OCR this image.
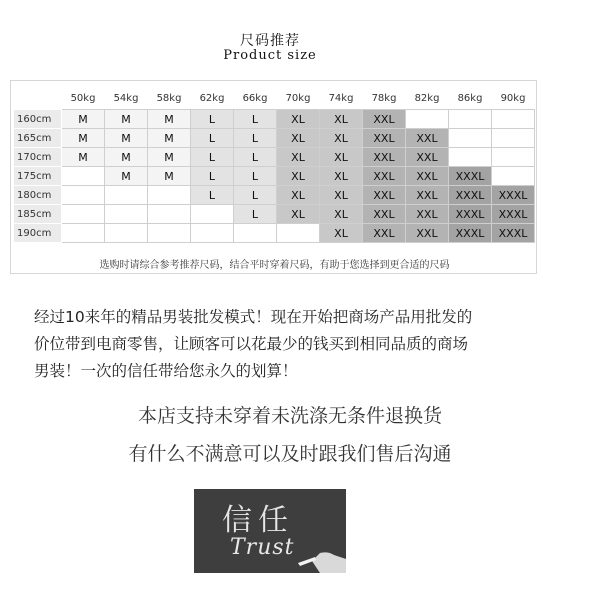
尺码推荐
Product size
	50kg	54kg	58kg	62kg	66kg	70kg	74kg	78kg	82kg	86kg	90kg
160cm	M	M	M	L	L	XL	XL	XXL			
165cm	M	M	M	L	L	XL	XL	XXL	XXL		
170cm	M	M	M	L	L	XL	XL	XXL	XXL		
175cm		M	M	L	L	XL	XL	XXL	XXL	XXXL	
180cm				L	L	XL	XL	XXL	XXL	XXXL	XXXL
185cm					L	XL	XL	XXL	XXL	XXXL	XXXL
190cm							XL	XXL	XXL	XXXL	XXXL
选购时请综合参考推荐尺码，结合平时穿着尺码，有助于您选择到更合适的尺码
经过10来年的精品男装批发模式！现在开始把商场产品用批发的
价位带到电商零售，让顾客可以花最少的钱买到相同品质的商场
男装！一次的信任带给您永久的划算！
本店支持未穿着未洗涤无条件退换货
有什么不满意可以及时跟我们售后沟通
信任
Trust
